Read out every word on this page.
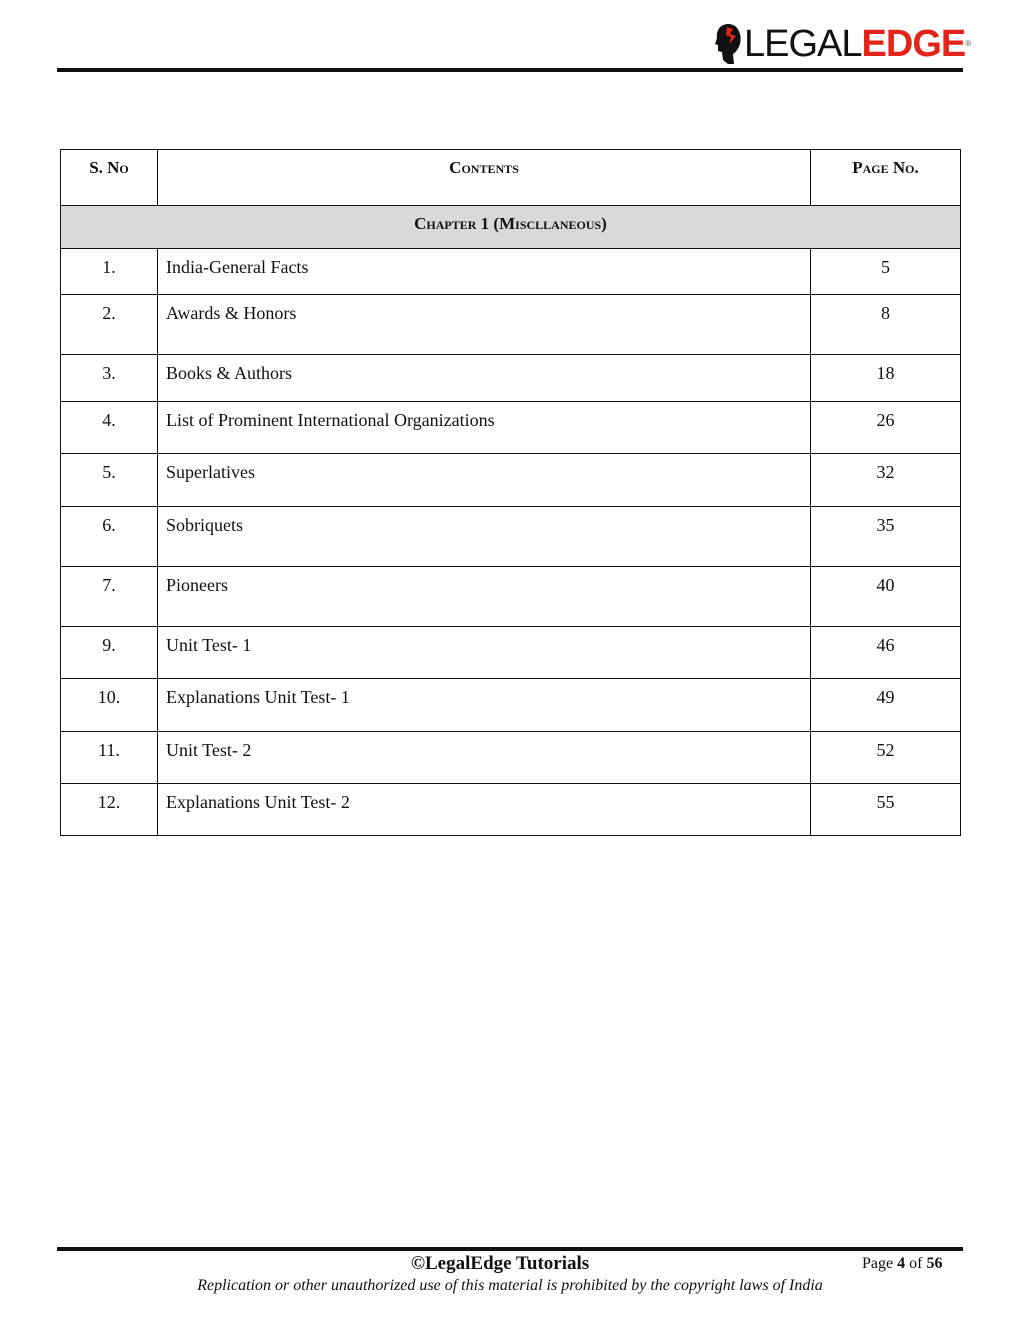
LEGALEDGE®
S. No	Contents	Page No.
Chapter 1 (Miscllaneous)		
1.	India-General Facts	5
2.	Awards & Honors	8
3.	Books & Authors	18
4.	List of Prominent International Organizations	26
5.	Superlatives	32
6.	Sobriquets	35
7.	Pioneers	40
9.	Unit Test- 1	46
10.	Explanations Unit Test- 1	49
11.	Unit Test- 2	52
12.	Explanations Unit Test- 2	55
©LegalEdge Tutorials	Page 4 of 56
Replication or other unauthorized use of this material is prohibited by the copyright laws of India
